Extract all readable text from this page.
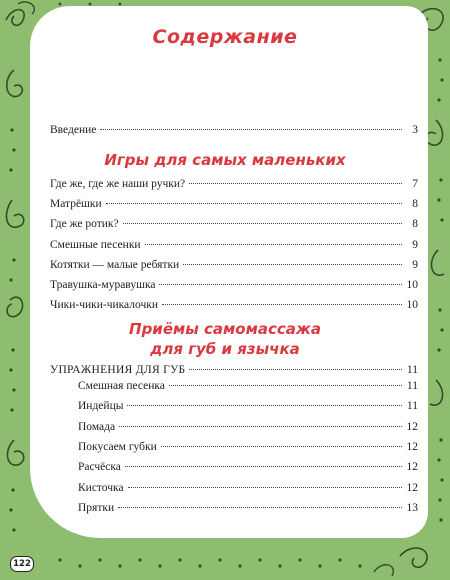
Содержание
Введение	3
Игры для самых маленьких
Где же, где же наши ручки?	7
Матрёшки	8
Где же ротик?	8
Смешные песенки	9
Котятки — малые ребятки	9
Травушка-муравушка	10
Чики-чики-чикалочки	10
Приёмы самомассажа
для губ и язычка
УПРАЖНЕНИЯ ДЛЯ ГУБ	11
Смешная песенка	11
Индейцы	11
Помада	12
Покусаем губки	12
Расчёска	12
Кисточка	12
Прятки	13
122
